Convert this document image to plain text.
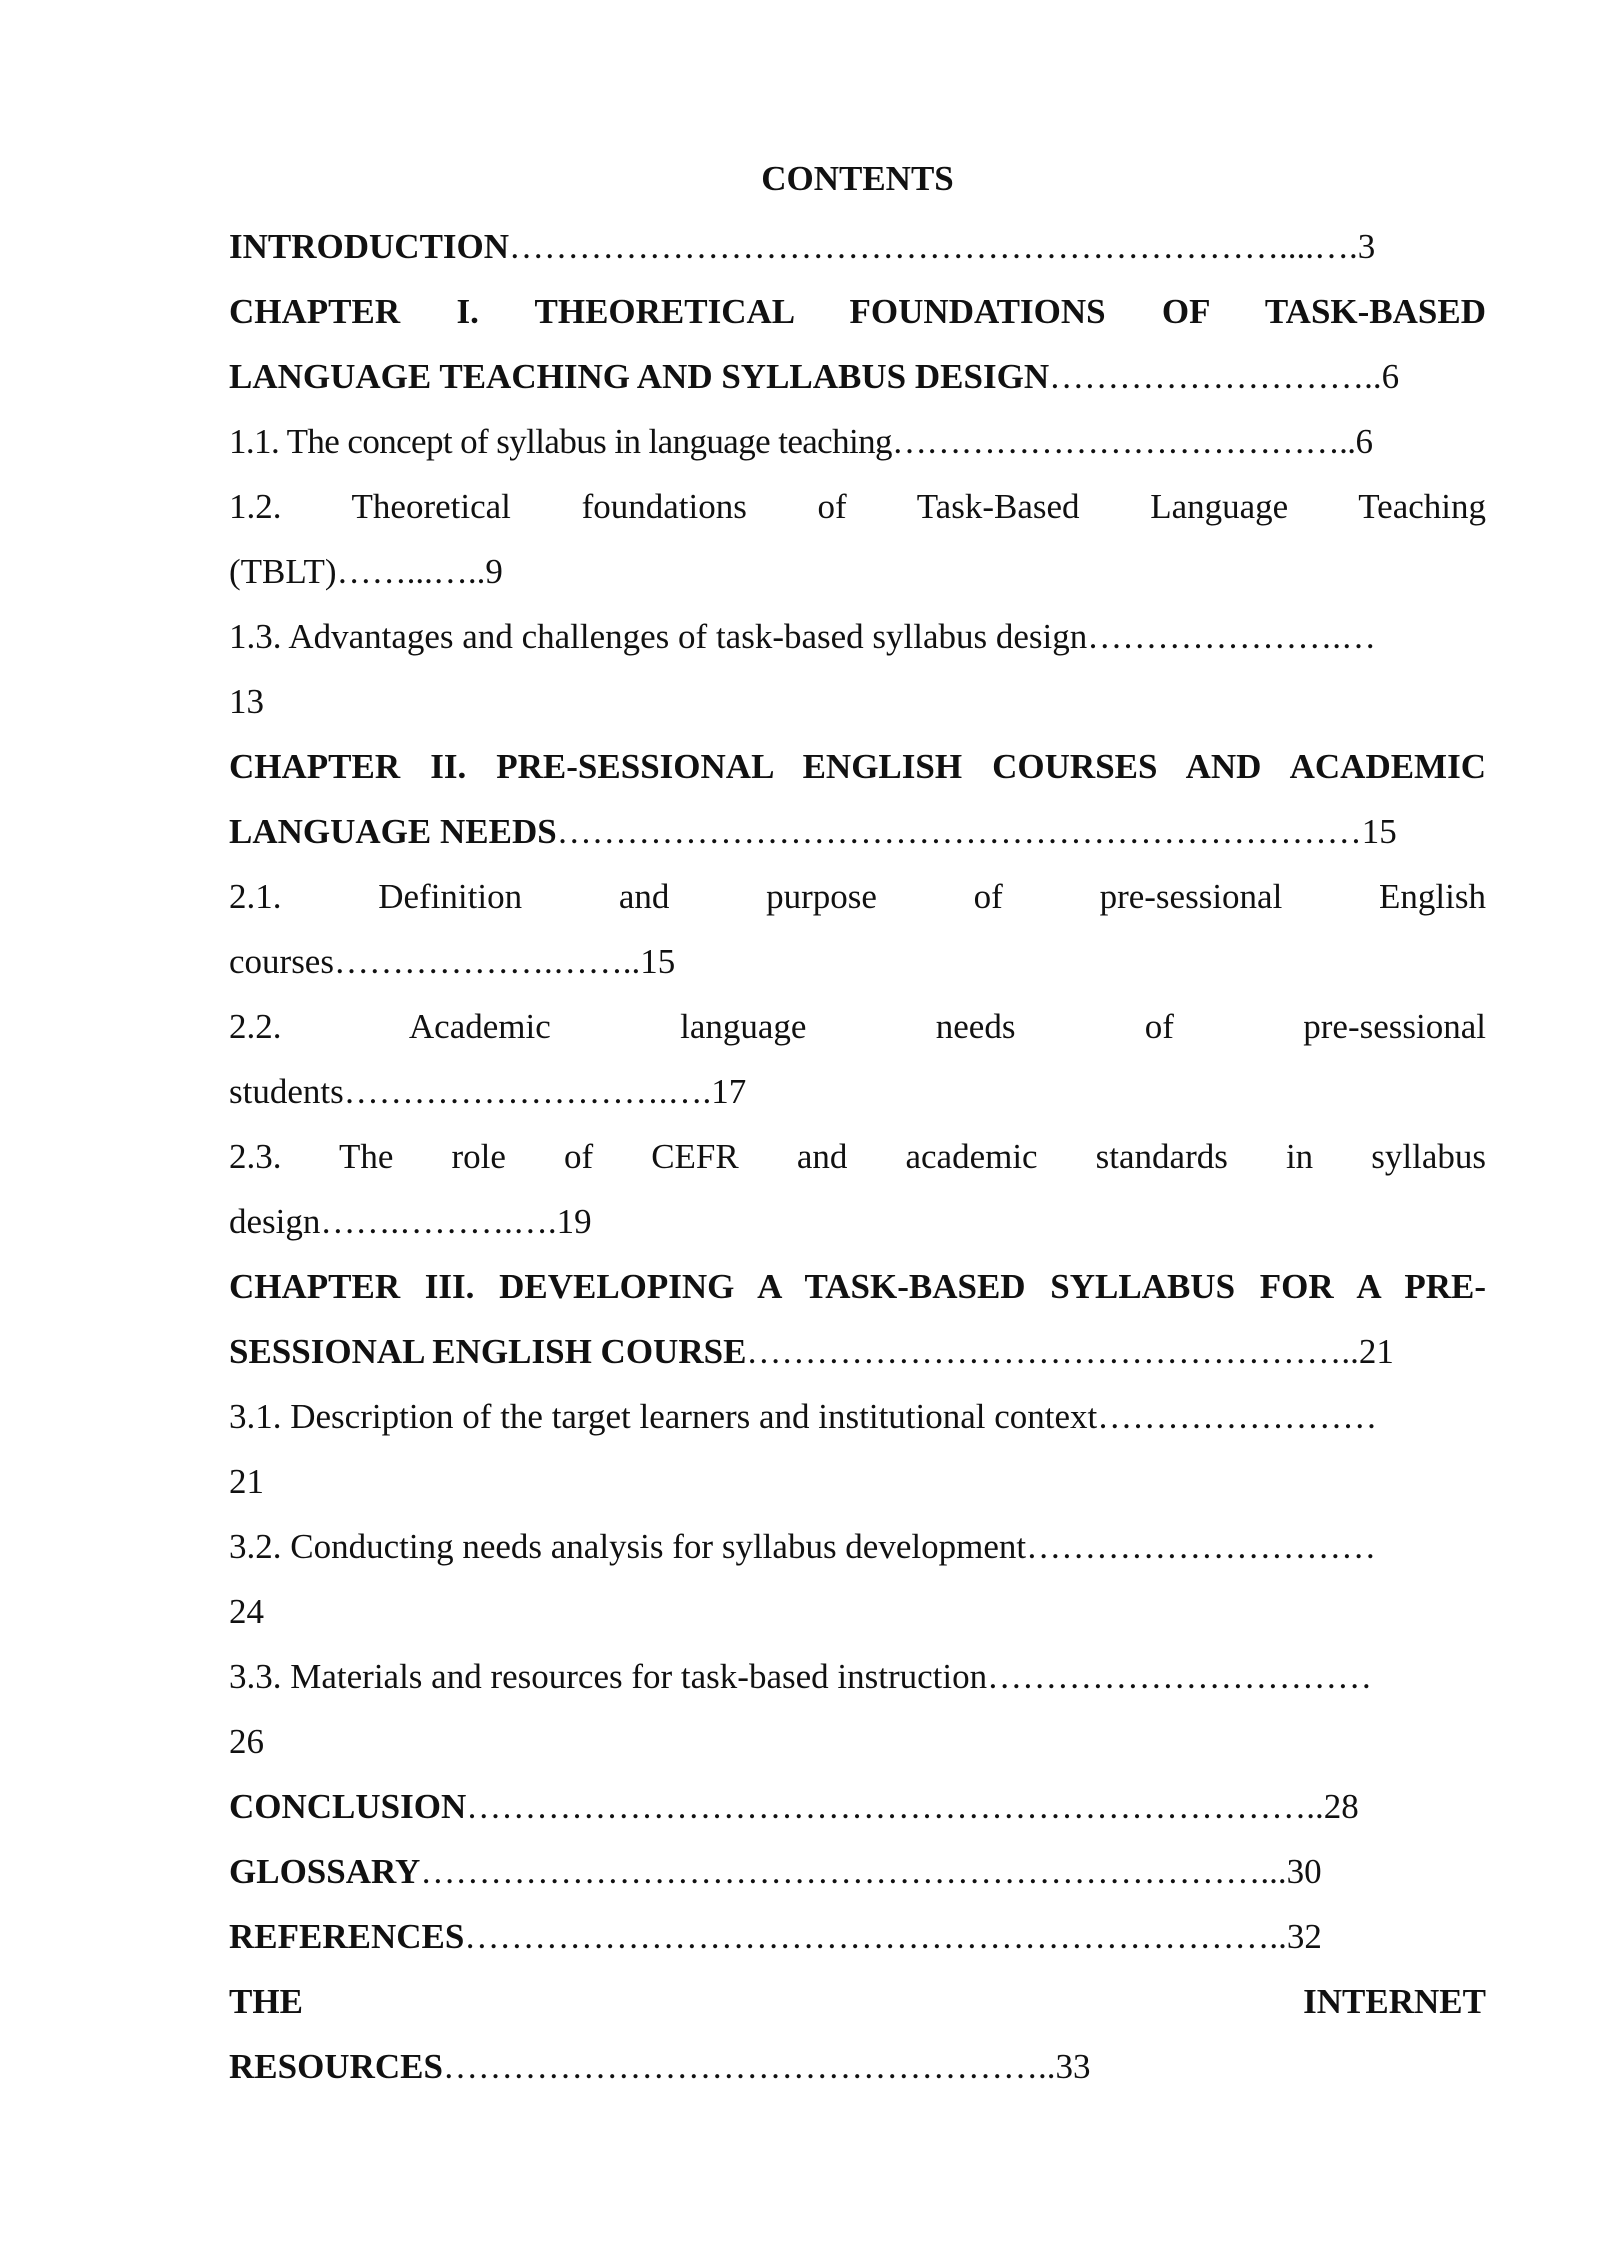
CONTENTS
INTRODUCTION…………………………………………………………....….3
CHAPTER I. THEORETICAL FOUNDATIONS OF TASK-BASED
LANGUAGE TEACHING AND SYLLABUS DESIGN………………………..6
1.1. The concept of syllabus in language teaching…………………………………..6
1.2. Theoretical foundations of Task-Based Language Teaching
(TBLT)……...…..9
1.3. Advantages and challenges of task-based syllabus design………………….…
13
CHAPTER II. PRE-SESSIONAL ENGLISH COURSES AND ACADEMIC
LANGUAGE NEEDS……………………………………………………………15
2.1. Definition and purpose of pre-sessional English
courses……………….……..15
2.2. Academic language needs of pre-sessional
students……………………….….17
2.3. The role of CEFR and academic standards in syllabus
design…….……….….19
CHAPTER III. DEVELOPING A TASK-BASED SYLLABUS FOR A PRE-
SESSIONAL ENGLISH COURSE……………………………………………..21
3.1. Description of the target learners and institutional context……………………
21
3.2. Conducting needs analysis for syllabus development…………………………
24
3.3. Materials and resources for task-based instruction……………………………
26
CONCLUSION………………………………………………………………..28
GLOSSARY………………………………………………………………...30
REFERENCES……………………………………………………………..32
THE INTERNET
RESOURCES……………………………………………..33
